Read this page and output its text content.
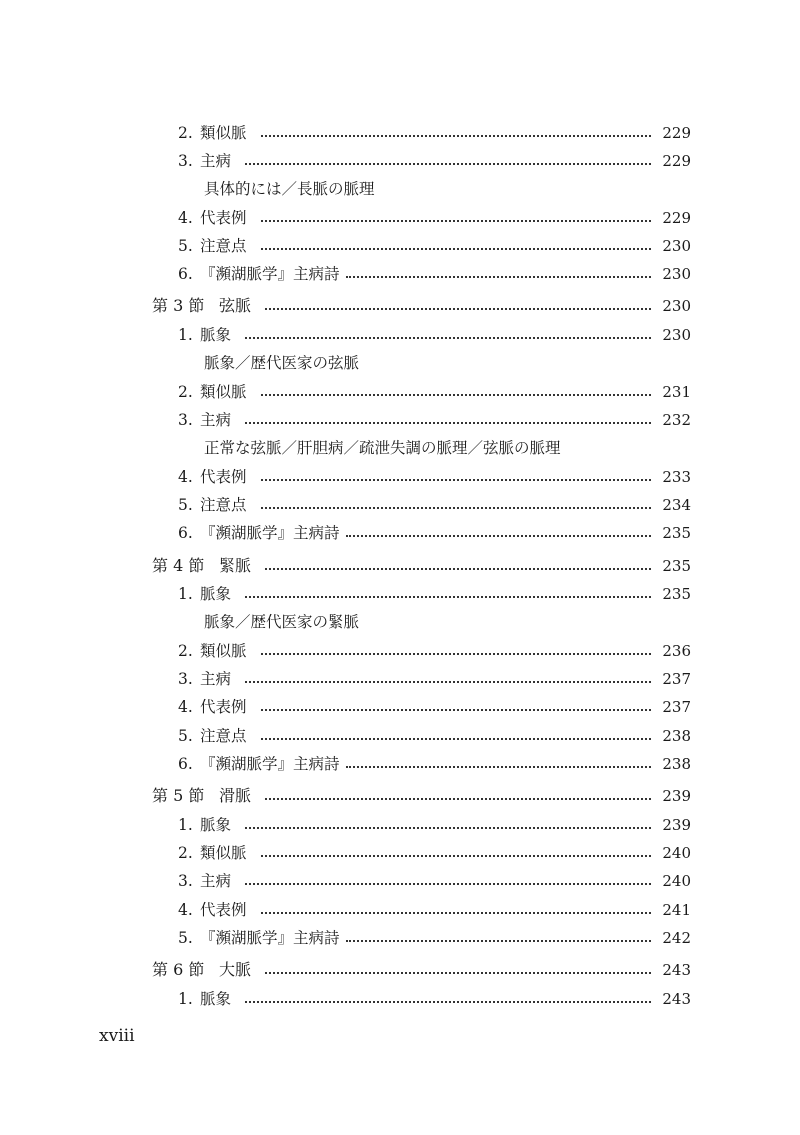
2. 類似脈	229
3. 主病	229
具体的には／長脈の脈理
4. 代表例	229
5. 注意点	230
6. 『瀕湖脈学』主病詩	230
第 3 節 弦脈	230
1. 脈象	230
脈象／歴代医家の弦脈
2. 類似脈	231
3. 主病	232
正常な弦脈／肝胆病／疏泄失調の脈理／弦脈の脈理
4. 代表例	233
5. 注意点	234
6. 『瀕湖脈学』主病詩	235
第 4 節 緊脈	235
1. 脈象	235
脈象／歴代医家の緊脈
2. 類似脈	236
3. 主病	237
4. 代表例	237
5. 注意点	238
6. 『瀕湖脈学』主病詩	238
第 5 節 滑脈	239
1. 脈象	239
2. 類似脈	240
3. 主病	240
4. 代表例	241
5. 『瀕湖脈学』主病詩	242
第 6 節 大脈	243
1. 脈象	243
xviii
